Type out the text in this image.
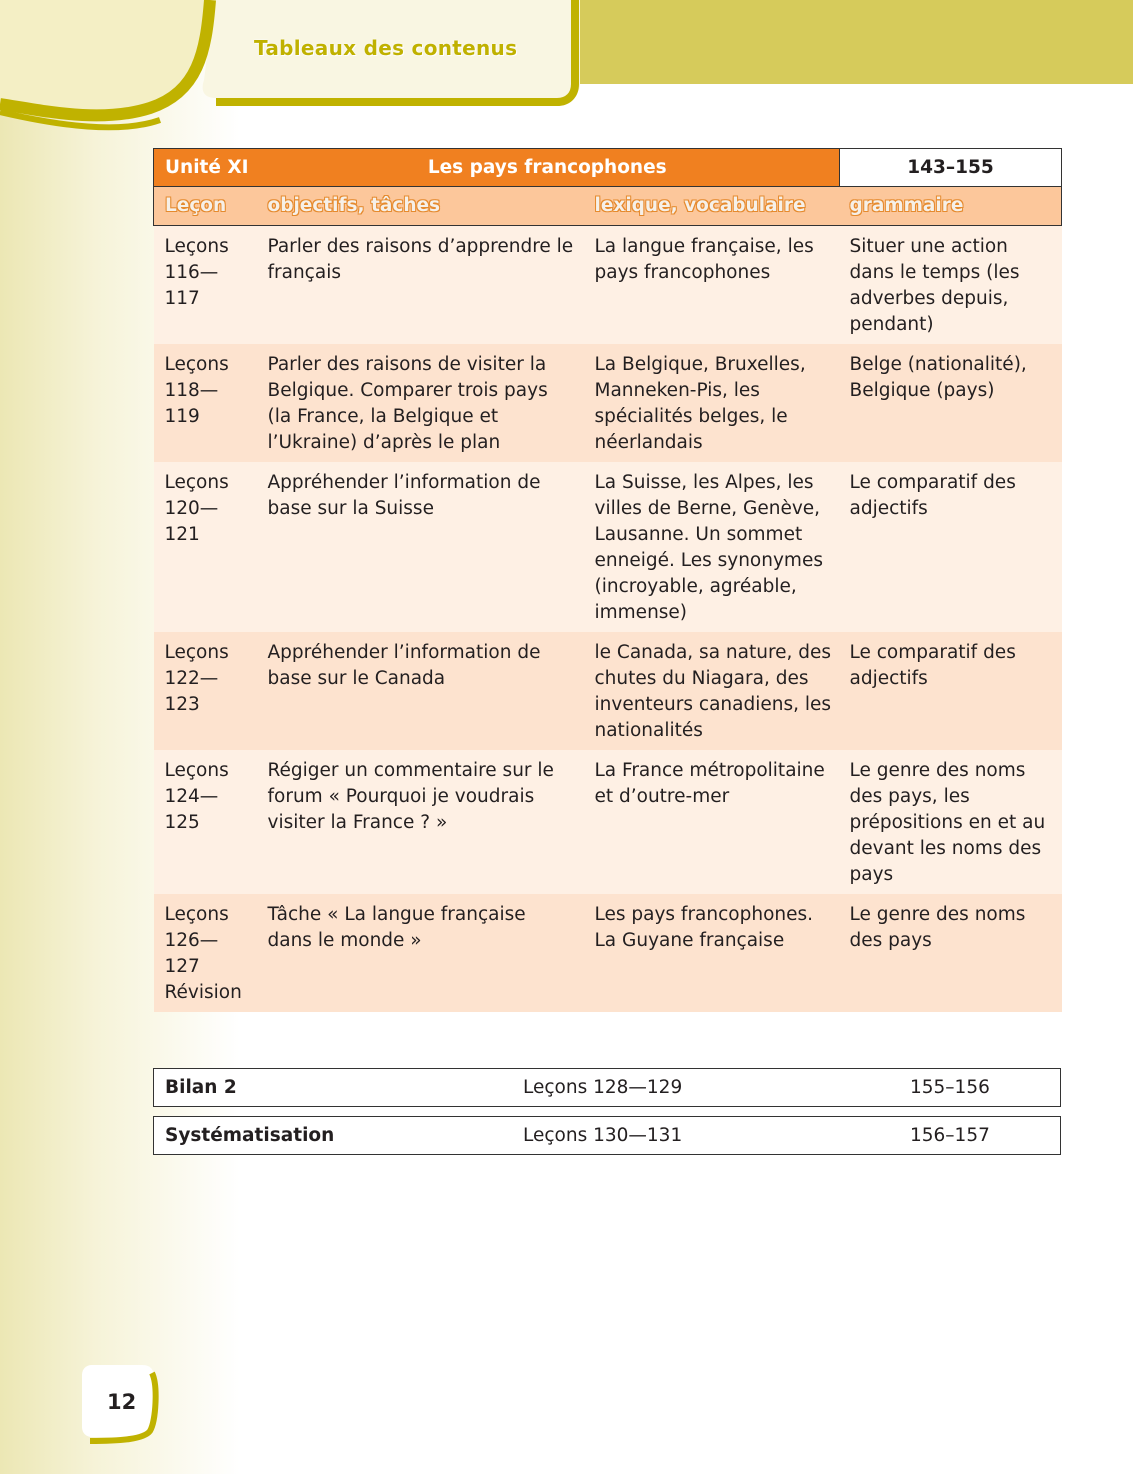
Tableaux des contenus
Unité XI	Les pays francophones		143–155
Leçon	objectifs, tâches	lexique, vocabulaire	grammaire

Leçons
116—
117	Parler des raisons d’apprendre le français	La langue française, les pays francophones	Situer une action dans le temps (les adverbes depuis, pendant)

Leçons
118—
119	Parler des raisons de visiter la Belgique. Comparer trois pays (la France, la Belgique et l’Ukraine) d’après le plan	La Belgique, Bruxelles, Manneken-Pis, les spécialités belges, le néerlandais	Belge (nationalité), Belgique (pays)

Leçons
120—
121	Appréhender l’information de base sur la Suisse	La Suisse, les Alpes, les villes de Berne, Genève, Lausanne. Un sommet enneigé. Les synonymes (incroyable, agréable, immense)	Le comparatif des adjectifs

Leçons
122—
123	Appréhender l’information de base sur le Canada	le Canada, sa nature, des chutes du Niagara, des inventeurs canadiens, les nationalités	Le comparatif des adjectifs

Leçons
124—
125	Régiger un commentaire sur le forum « Pourquoi je voudrais visiter la France ? »	La France métropolitaine et d’outre-mer	Le genre des noms des pays, les prépositions en et au devant les noms des pays

Leçons
126—
127
Révision	Tâche « La langue française dans le monde »	Les pays francophones. La Guyane française	Le genre des noms des pays
Bilan 2	Leçons 128—129	155–156
Systématisation	Leçons 130—131	156–157
12
